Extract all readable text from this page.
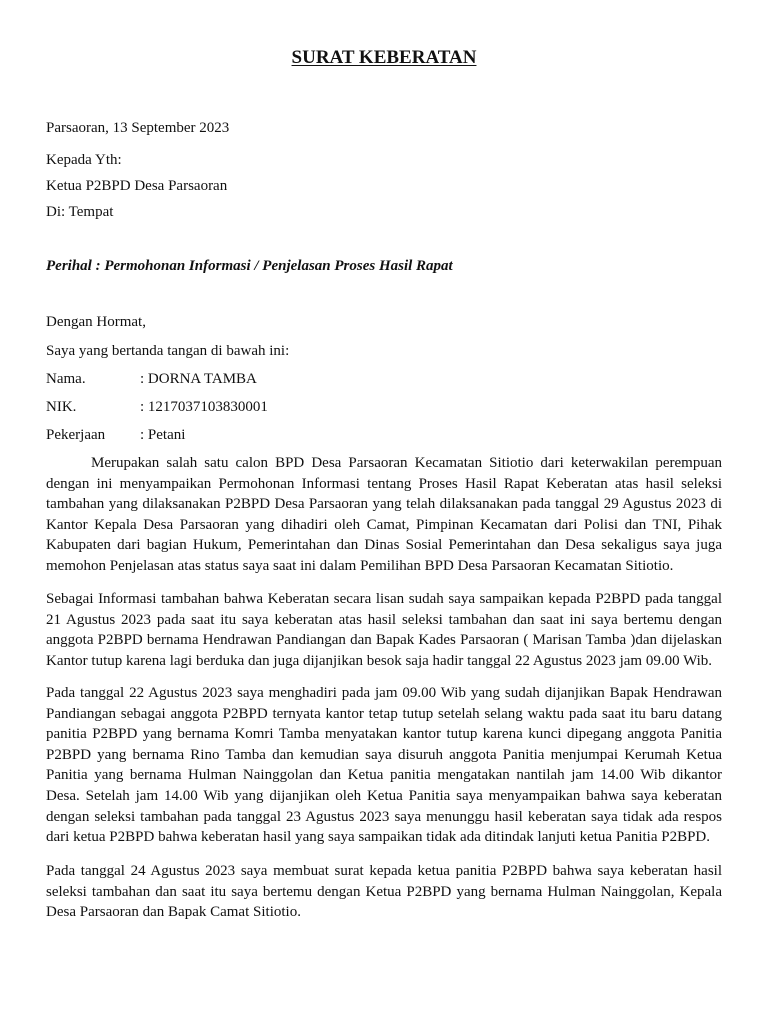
SURAT KEBERATAN
Parsaoran, 13 September 2023
Kepada Yth:
Ketua P2BPD Desa Parsaoran
Di: Tempat
Perihal : Permohonan Informasi / Penjelasan Proses Hasil Rapat
Dengan Hormat,
Saya yang bertanda tangan di bawah ini:
Nama.	: DORNA TAMBA
NIK.	: 1217037103830001
Pekerjaan : Petani

Merupakan salah satu calon BPD Desa Parsaoran Kecamatan Sitiotio dari keterwakilan perempuan dengan ini menyampaikan Permohonan Informasi tentang Proses Hasil Rapat Keberatan atas hasil seleksi tambahan yang dilaksanakan P2BPD Desa Parsaoran yang telah dilaksanakan pada tanggal 29 Agustus 2023 di Kantor Kepala Desa Parsaoran yang dihadiri oleh Camat, Pimpinan Kecamatan dari Polisi dan TNI, Pihak Kabupaten dari bagian Hukum, Pemerintahan dan Dinas Sosial Pemerintahan dan Desa sekaligus saya juga memohon Penjelasan atas status saya saat ini dalam Pemilihan BPD Desa Parsaoran Kecamatan Sitiotio.

Sebagai Informasi tambahan bahwa Keberatan secara lisan sudah saya sampaikan kepada P2BPD pada tanggal 21 Agustus 2023 pada saat itu saya keberatan atas hasil seleksi tambahan dan saat ini saya bertemu dengan anggota P2BPD bernama Hendrawan Pandiangan dan Bapak Kades Parsaoran ( Marisan Tamba )dan dijelaskan Kantor tutup karena lagi berduka dan juga dijanjikan besok saja hadir tanggal 22 Agustus 2023 jam 09.00 Wib.

Pada tanggal 22 Agustus 2023 saya menghadiri pada jam 09.00 Wib yang sudah dijanjikan Bapak Hendrawan Pandiangan sebagai anggota P2BPD ternyata kantor tetap tutup setelah selang waktu pada saat itu baru datang panitia P2BPD yang bernama Komri Tamba menyatakan kantor tutup karena kunci dipegang anggota Panitia P2BPD yang bernama Rino Tamba dan kemudian saya disuruh anggota Panitia menjumpai Kerumah Ketua Panitia yang bernama Hulman Nainggolan dan Ketua panitia mengatakan nantilah jam 14.00 Wib dikantor Desa. Setelah jam 14.00 Wib yang dijanjikan oleh Ketua Panitia saya menyampaikan bahwa saya keberatan dengan seleksi tambahan pada tanggal 23 Agustus 2023 saya menunggu hasil keberatan saya tidak ada respos dari ketua P2BPD bahwa keberatan hasil yang saya sampaikan tidak ada ditindak lanjuti ketua Panitia P2BPD.

Pada tanggal 24 Agustus 2023 saya membuat surat kepada ketua panitia P2BPD bahwa saya keberatan hasil seleksi tambahan dan saat itu saya bertemu dengan Ketua P2BPD yang bernama Hulman Nainggolan, Kepala Desa Parsaoran dan Bapak Camat Sitiotio.
